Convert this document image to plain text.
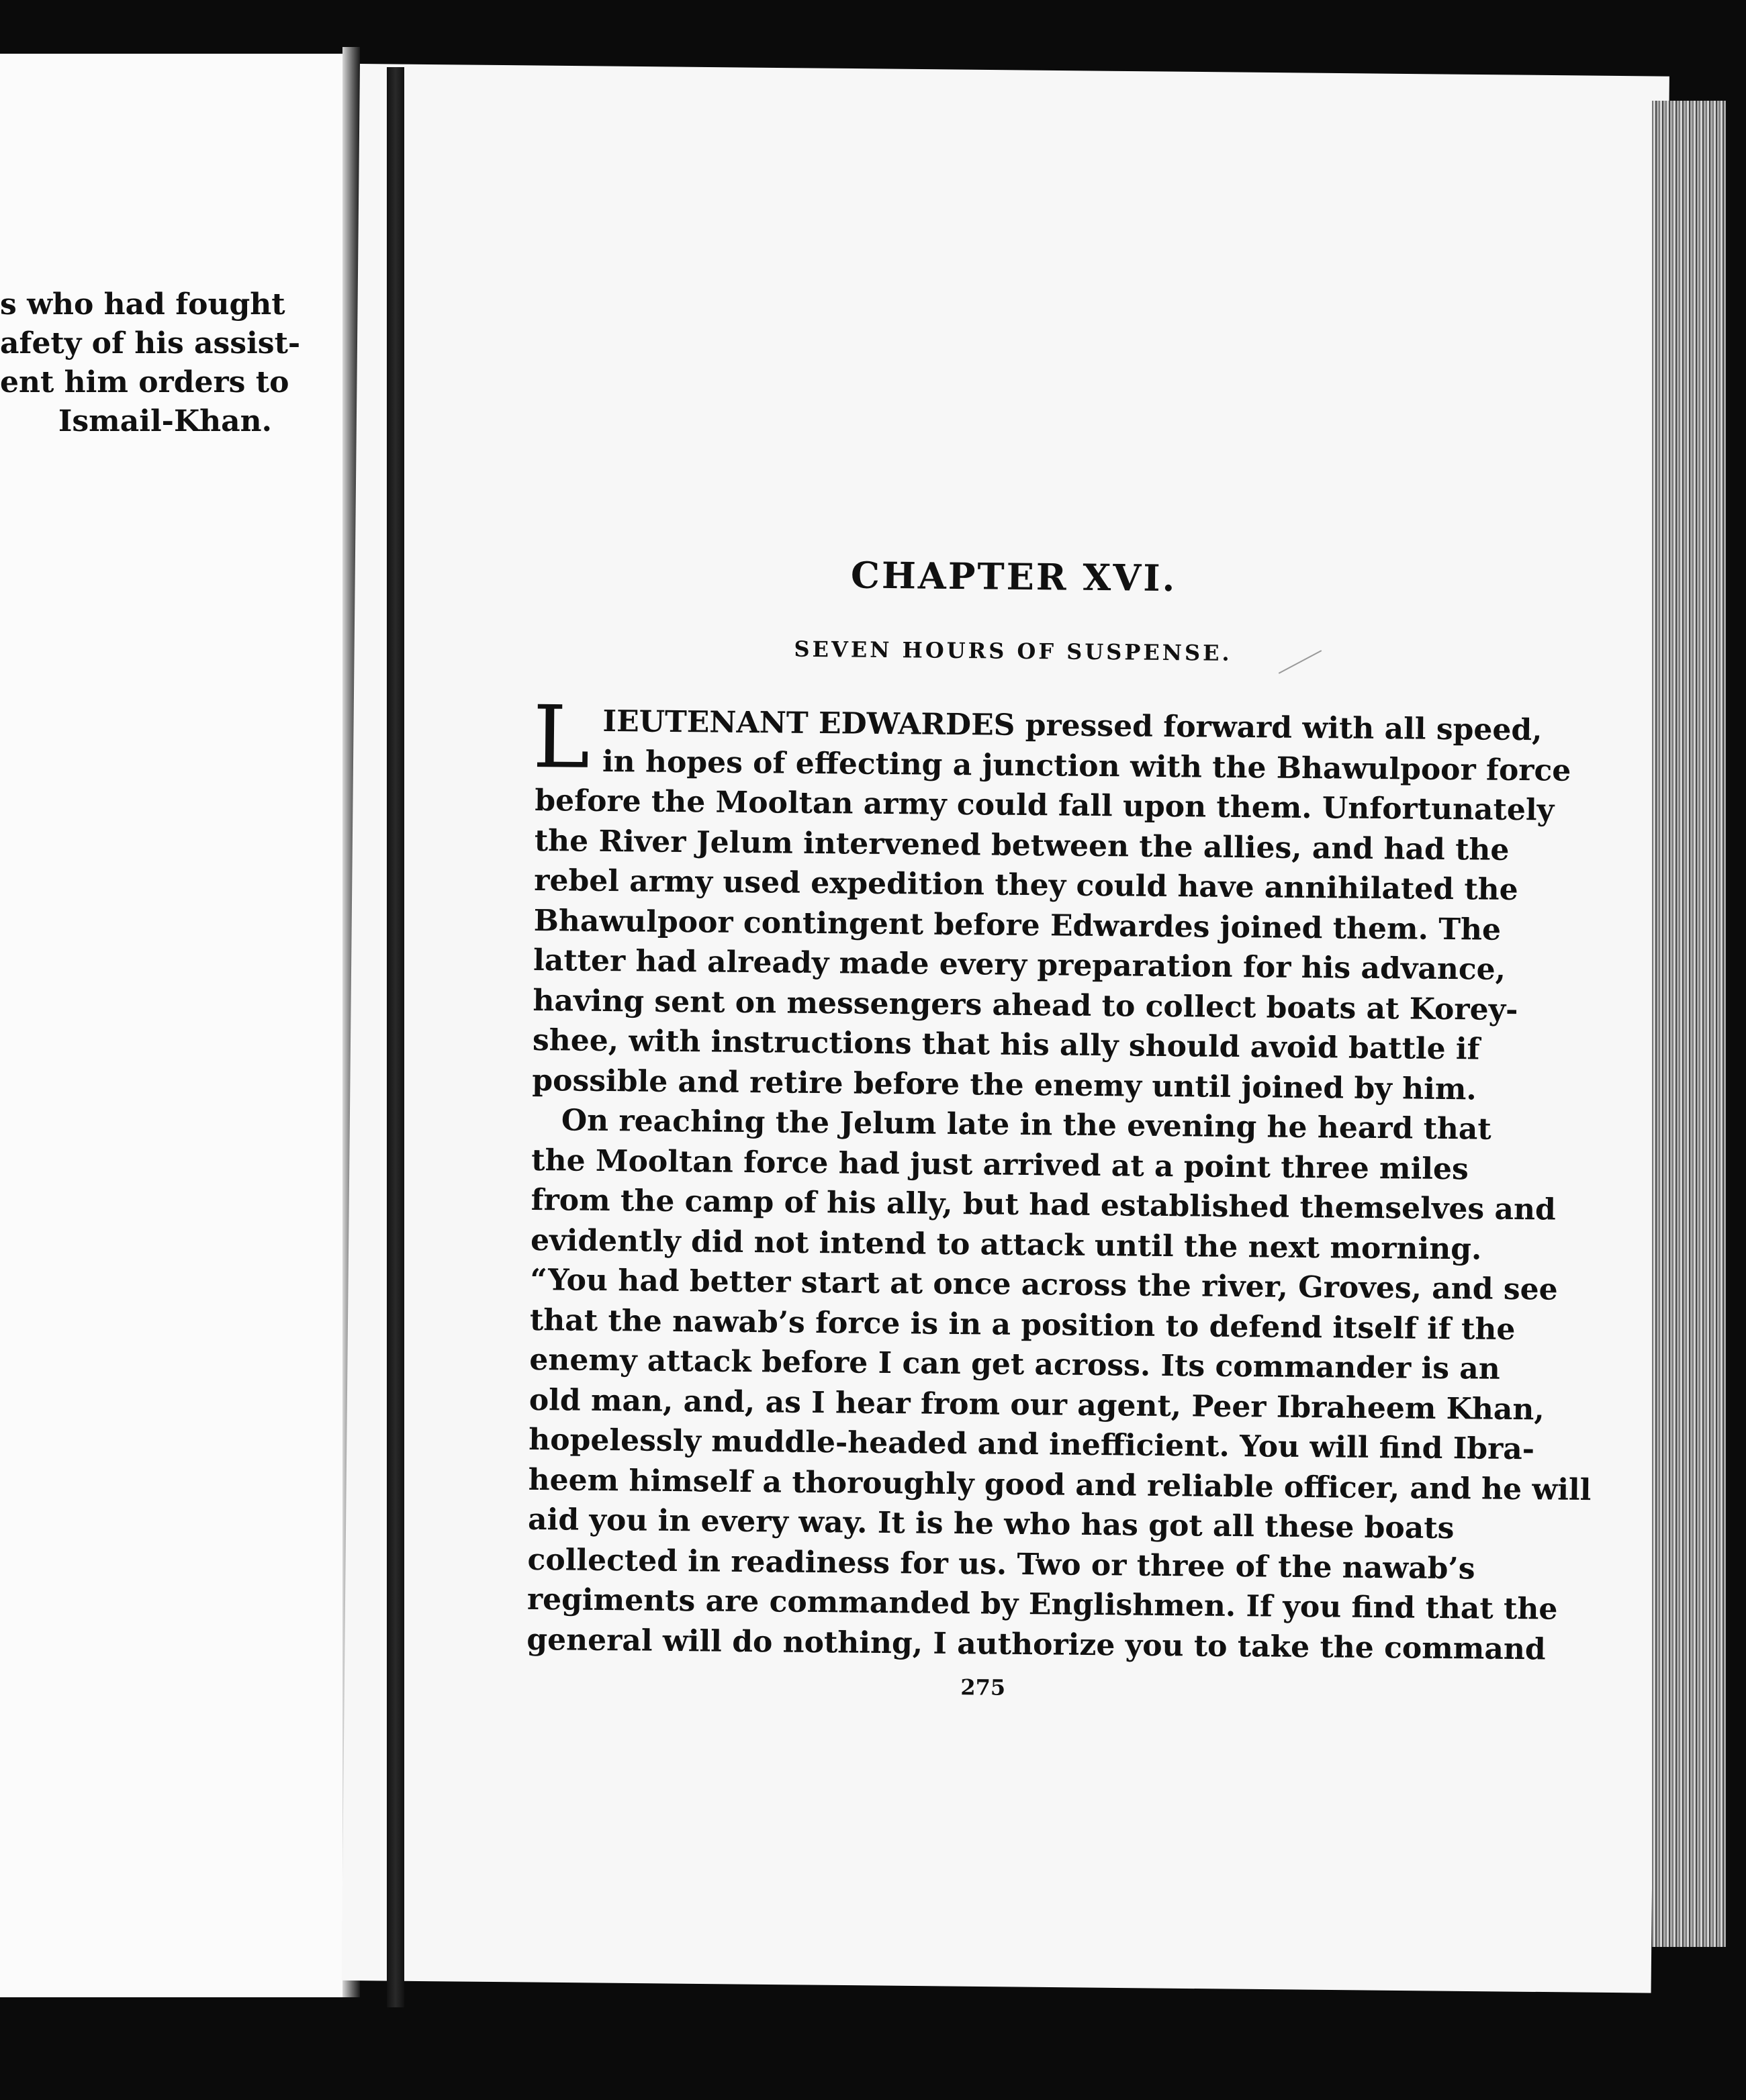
s who had fought
afety of his assist-
ent him orders to
Ismail-Khan.
CHAPTER XVI.
SEVEN HOURS OF SUSPENSE.
L IEUTENANT EDWARDES pressed forward with all speed,
in hopes of effecting a junction with the Bhawulpoor force
before the Mooltan army could fall upon them. Unfortunately
the River Jelum intervened between the allies, and had the
rebel army used expedition they could have annihilated the
Bhawulpoor contingent before Edwardes joined them. The
latter had already made every preparation for his advance,
having sent on messengers ahead to collect boats at Korey-
shee, with instructions that his ally should avoid battle if
possible and retire before the enemy until joined by him.
On reaching the Jelum late in the evening he heard that
the Mooltan force had just arrived at a point three miles
from the camp of his ally, but had established themselves and
evidently did not intend to attack until the next morning.
“You had better start at once across the river, Groves, and see
that the nawab’s force is in a position to defend itself if the
enemy attack before I can get across. Its commander is an
old man, and, as I hear from our agent, Peer Ibraheem Khan,
hopelessly muddle-headed and inefficient. You will find Ibra-
heem himself a thoroughly good and reliable officer, and he will
aid you in every way. It is he who has got all these boats
collected in readiness for us. Two or three of the nawab’s
regiments are commanded by Englishmen. If you find that the
general will do nothing, I authorize you to take the command
275
